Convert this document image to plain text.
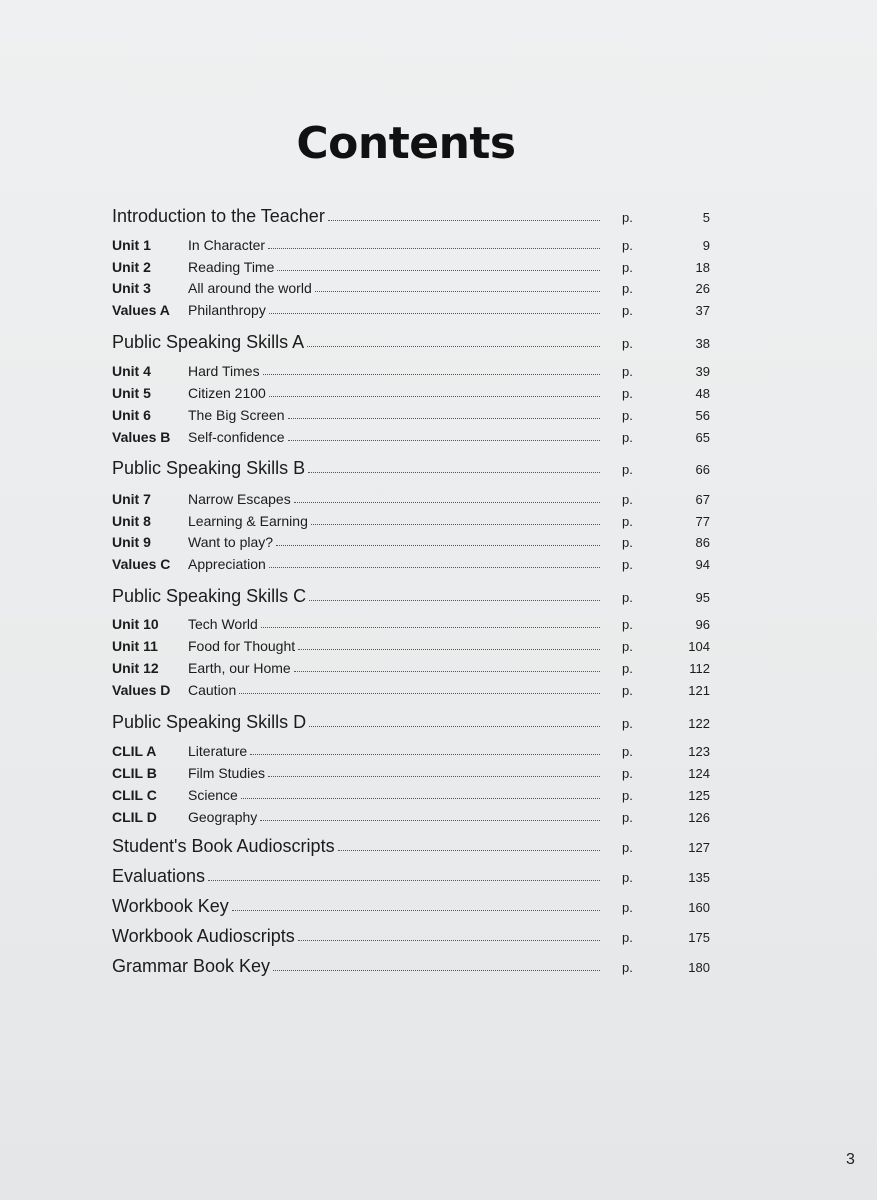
Contents
Introduction to the Teacher	p.	5
Unit 1	In Character	p.	9
Unit 2	Reading Time	p.	18
Unit 3	All around the world	p.	26
Values A	Philanthropy	p.	37
Public Speaking Skills A	p.	38
Unit 4	Hard Times	p.	39
Unit 5	Citizen 2100	p.	48
Unit 6	The Big Screen	p.	56
Values B	Self-confidence	p.	65
Public Speaking Skills B	p.	66
Unit 7	Narrow Escapes	p.	67
Unit 8	Learning & Earning	p.	77
Unit 9	Want to play?	p.	86
Values C	Appreciation	p.	94
Public Speaking Skills C	p.	95
Unit 10	Tech World	p.	96
Unit 11	Food for Thought	p.	104
Unit 12	Earth, our Home	p.	112
Values D	Caution	p.	121
Public Speaking Skills D	p.	122
CLIL A	Literature	p.	123
CLIL B	Film Studies	p.	124
CLIL C	Science	p.	125
CLIL D	Geography	p.	126
Student's Book Audioscripts	p.	127
Evaluations	p.	135
Workbook Key	p.	160
Workbook Audioscripts	p.	175
Grammar Book Key	p.	180
3
